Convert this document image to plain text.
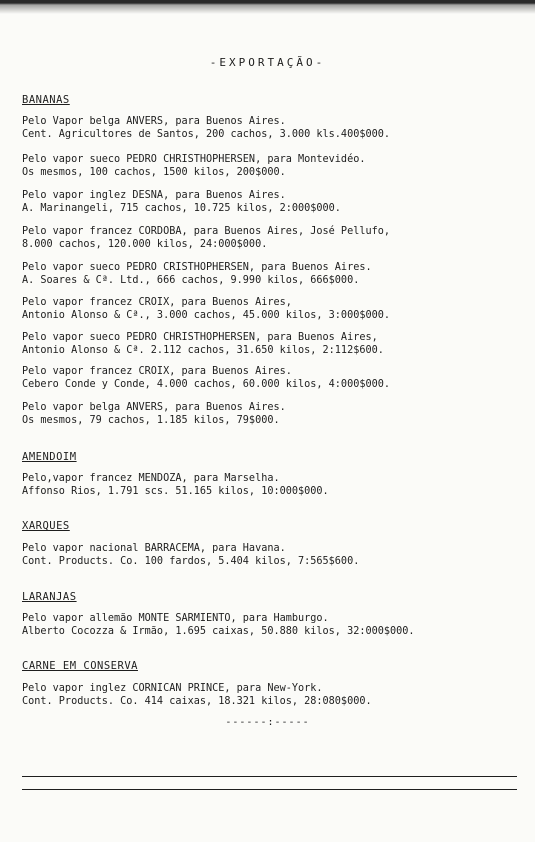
-EXPORTAÇÃO-
BANANAS
Pelo Vapor belga ANVERS, para Buenos Aires.
Cent. Agricultores de Santos, 200 cachos, 3.000 kls.400$000.
Pelo vapor sueco PEDRO CHRISTHOPHERSEN, para Montevidéo.
Os mesmos, 100 cachos, 1500 kilos, 200$000.
Pelo vapor inglez DESNA, para Buenos Aires.
A. Marinangeli, 715 cachos, 10.725 kilos, 2:000$000.
Pelo vapor francez CORDOBA, para Buenos Aires, José Pellufo,
8.000 cachos, 120.000 kilos, 24:000$000.
Pelo vapor sueco PEDRO CRISTHOPHERSEN, para Buenos Aires.
A. Soares & Cª. Ltd., 666 cachos, 9.990 kilos, 666$000.
Pelo vapor francez CROIX, para Buenos Aires,
Antonio Alonso & Cª., 3.000 cachos, 45.000 kilos, 3:000$000.
Pelo vapor sueco PEDRO CHRISTHOPHERSEN, para Buenos Aires,
Antonio Alonso & Cª. 2.112 cachos, 31.650 kilos, 2:112$600.
Pelo vapor francez CROIX, para Buenos Aires.
Cebero Conde y Conde, 4.000 cachos, 60.000 kilos, 4:000$000.
Pelo vapor belga ANVERS, para Buenos Aires.
Os mesmos, 79 cachos, 1.185 kilos, 79$000.
AMENDOIM
Pelo,vapor francez MENDOZA, para Marselha.
Affonso Rios, 1.791 scs. 51.165 kilos, 10:000$000.
XARQUES
Pelo vapor nacional BARRACEMA, para Havana.
Cont. Products. Co. 100 fardos, 5.404 kilos, 7:565$600.
LARANJAS
Pelo vapor allemão MONTE SARMIENTO, para Hamburgo.
Alberto Cocozza & Irmão, 1.695 caixas, 50.880 kilos, 32:000$000.
CARNE EM CONSERVA
Pelo vapor inglez CORNICAN PRINCE, para New-York.
Cont. Products. Co. 414 caixas, 18.321 kilos, 28:080$000.
------:-----
